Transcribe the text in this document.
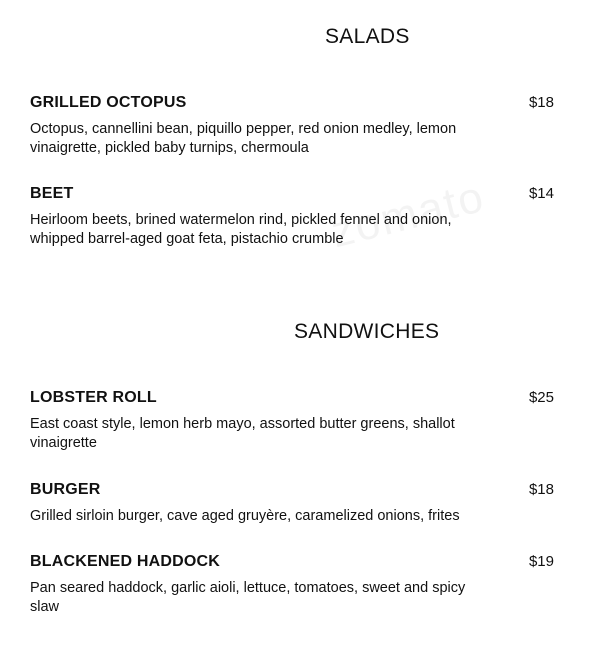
SALADS
GRILLED OCTOPUS	$18
Octopus, cannellini bean, piquillo pepper, red onion medley, lemon vinaigrette, pickled baby turnips, chermoula
BEET	$14
Heirloom beets, brined watermelon rind, pickled fennel and onion, whipped barrel-aged goat feta, pistachio crumble
SANDWICHES
LOBSTER ROLL	$25
East coast style, lemon herb mayo, assorted butter greens, shallot vinaigrette
BURGER	$18
Grilled sirloin burger, cave aged gruyère, caramelized onions, frites
BLACKENED HADDOCK	$19
Pan seared haddock, garlic aioli, lettuce, tomatoes, sweet and spicy slaw
